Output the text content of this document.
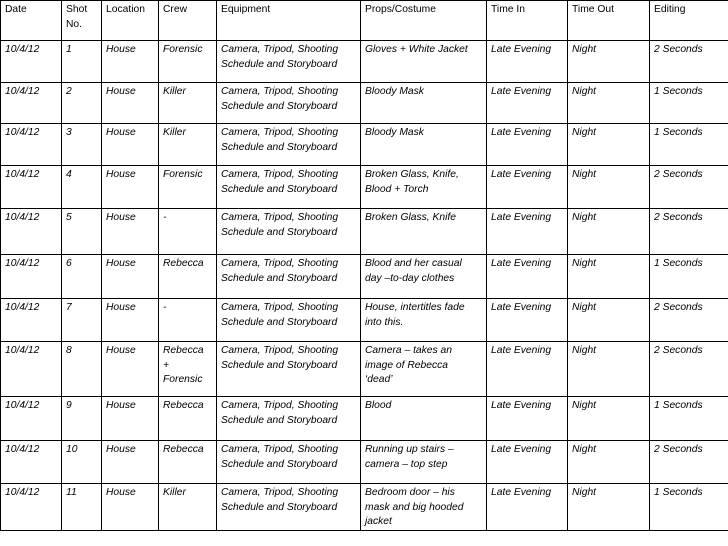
Date	Shot
No.	Location	Crew	Equipment	Props/Costume	Time In	Time Out	Editing
10/4/12	1	House	Forensic	Camera, Tripod, Shooting
Schedule and Storyboard	Gloves + White Jacket	Late Evening	Night	2 Seconds
10/4/12	2	House	Killer	Camera, Tripod, Shooting
Schedule and Storyboard	Bloody Mask	Late Evening	Night	1 Seconds
10/4/12	3	House	Killer	Camera, Tripod, Shooting
Schedule and Storyboard	Bloody Mask	Late Evening	Night	1 Seconds
10/4/12	4	House	Forensic	Camera, Tripod, Shooting
Schedule and Storyboard	Broken Glass, Knife,
Blood + Torch	Late Evening	Night	2 Seconds
10/4/12	5	House	-	Camera, Tripod, Shooting
Schedule and Storyboard	Broken Glass, Knife	Late Evening	Night	2 Seconds
10/4/12	6	House	Rebecca	Camera, Tripod, Shooting
Schedule and Storyboard	Blood and her casual
day –to-day clothes	Late Evening	Night	1 Seconds
10/4/12	7	House	-	Camera, Tripod, Shooting
Schedule and Storyboard	House, intertitles fade
into this.	Late Evening	Night	2 Seconds
10/4/12	8	House	Rebecca
+
Forensic	Camera, Tripod, Shooting
Schedule and Storyboard	Camera – takes an
image of Rebecca
‘dead’	Late Evening	Night	2 Seconds
10/4/12	9	House	Rebecca	Camera, Tripod, Shooting
Schedule and Storyboard	Blood	Late Evening	Night	1 Seconds
10/4/12	10	House	Rebecca	Camera, Tripod, Shooting
Schedule and Storyboard	Running up stairs –
camera – top step	Late Evening	Night	2 Seconds
10/4/12	11	House	Killer	Camera, Tripod, Shooting
Schedule and Storyboard	Bedroom door – his
mask and big hooded
jacket	Late Evening	Night	1 Seconds
